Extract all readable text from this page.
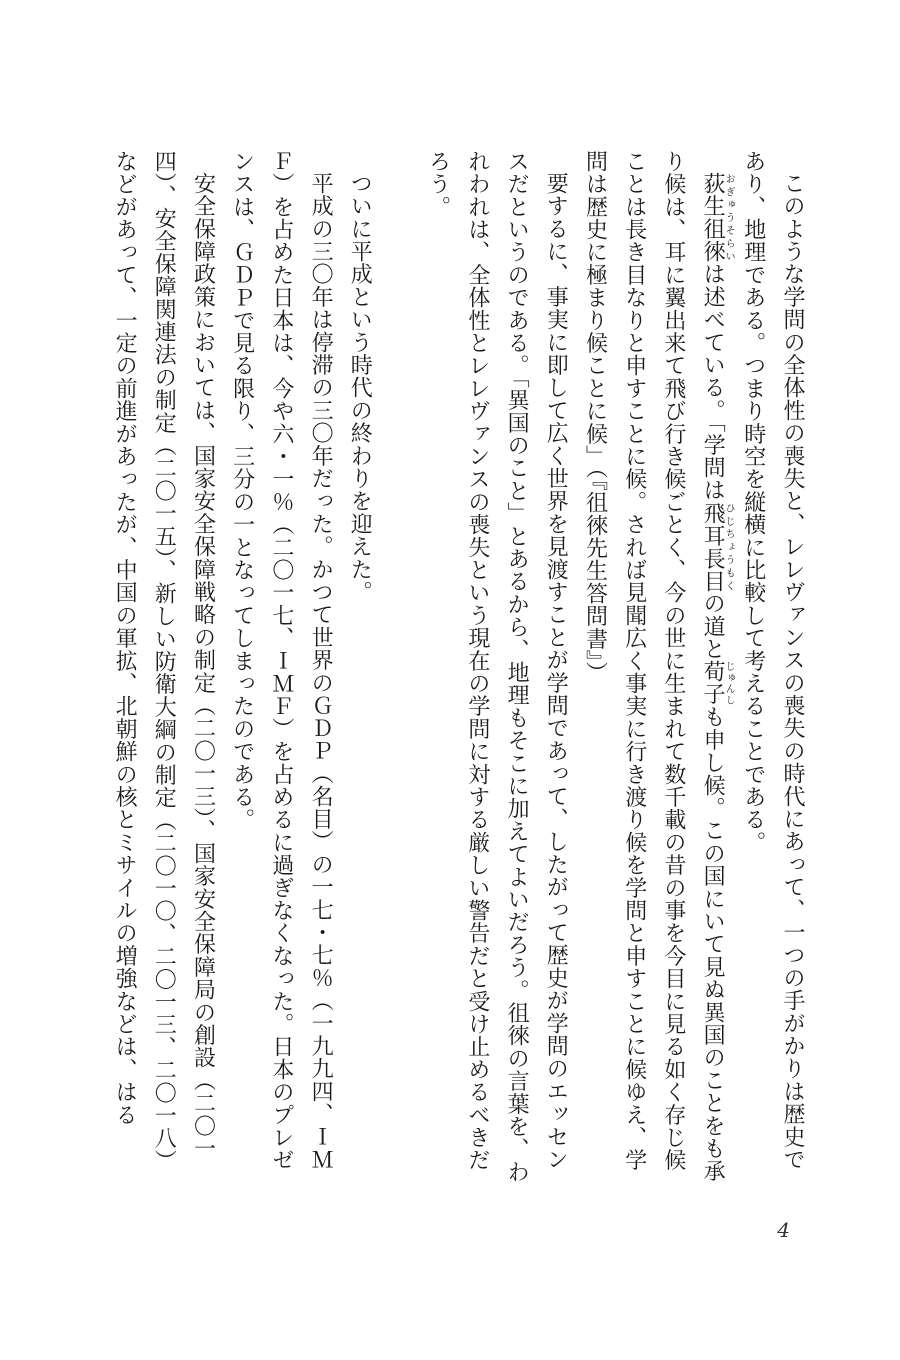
このような学問の全体性の喪失と、レレヴァンスの喪失の時代にあって、一つの手がかりは歴史であり、地理である。つまり時空を縦横に比較して考えることである。

荻生徂徠おぎゅうそらいは述べている。「学問は飛耳長目ひじちょうもくの道と荀子じゅんしも申し候。この国にいて見ぬ異国のことをも承り候は、耳に翼出来て飛び行き候ごとく、今の世に生まれて数千載の昔の事を今目に見る如く存じ候ことは長き目なりと申すことに候。されば見聞広く事実に行き渡り候を学問と申すことに候ゆえ、学問は歴史に極まり候ことに候」（『徂徠先生答問書』）

要するに、事実に即して広く世界を見渡すことが学問であって、したがって歴史が学問のエッセンスだというのである。「異国のこと」とあるから、地理もそこに加えてよいだろう。徂徠の言葉を、われわれは、全体性とレレヴァンスの喪失という現在の学問に対する厳しい警告だと受け止めるべきだろう。

ついに平成という時代の終わりを迎えた。

平成の三〇年は停滞の三〇年だった。かつて世界のＧＤＰ（名目）の一七・七％（一九九四、ＩＭＦ）を占めた日本は、今や六・一％（二〇一七、ＩＭＦ）を占めるに過ぎなくなった。日本のプレゼンスは、ＧＤＰで見る限り、三分の一となってしまったのである。

安全保障政策においては、国家安全保障戦略の制定（二〇一三）、国家安全保障局の創設（二〇一四）、安全保障関連法の制定（二〇一五）、新しい防衛大綱の制定（二〇一〇、二〇一三、二〇一八）などがあって、一定の前進があったが、中国の軍拡、北朝鮮の核とミサイルの増強などは、はる

4
